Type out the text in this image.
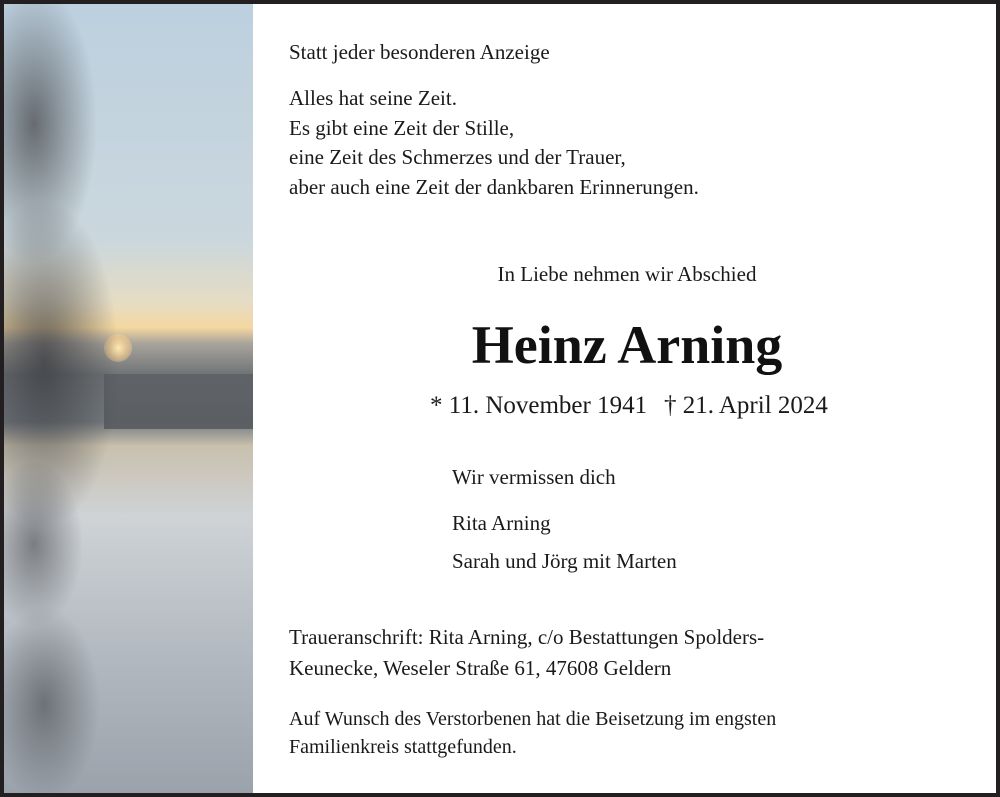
Statt jeder besonderen Anzeige
Alles hat seine Zeit.
Es gibt eine Zeit der Stille,
eine Zeit des Schmerzes und der Trauer,
aber auch eine Zeit der dankbaren Erinnerungen.
In Liebe nehmen wir Abschied
Heinz Arning
* 11. November 1941 † 21. April 2024
Wir vermissen dich
Rita Arning
Sarah und Jörg mit Marten
Traueranschrift: Rita Arning, c/o Bestattungen Spolders-
Keunecke, Weseler Straße 61, 47608 Geldern
Auf Wunsch des Verstorbenen hat die Beisetzung im engsten
Familienkreis stattgefunden.
